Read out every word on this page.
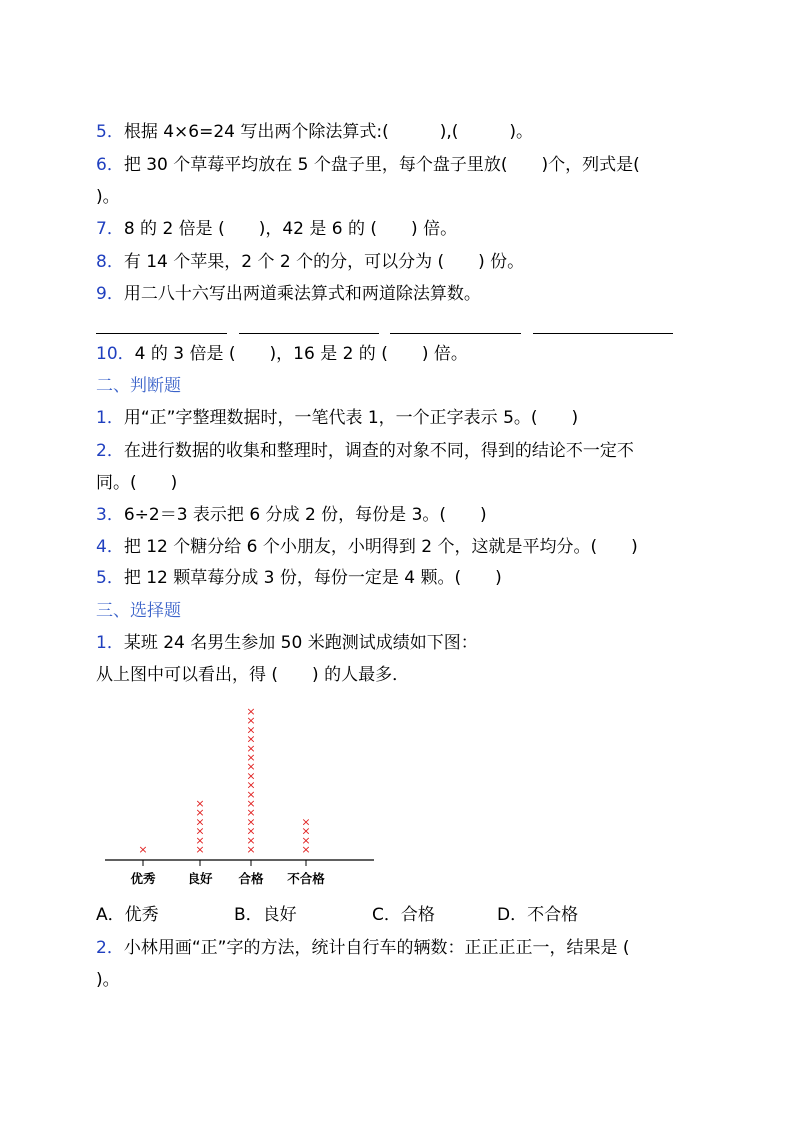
5．根据 4×6=24 写出两个除法算式:(　　　),(　　　)。
6．把 30 个草莓平均放在 5 个盘子里，每个盘子里放(　　)个，列式是(
)。
7．8 的 2 倍是 (　　)，42 是 6 的 (　　) 倍。
8．有 14 个苹果，2 个 2 个的分，可以分为 (　　) 份。
9．用二八十六写出两道乘法算式和两道除法算数。
10．4 的 3 倍是 (　　)，16 是 2 的 (　　) 倍。
二、判断题
1．用“正”字整理数据时，一笔代表 1，一个正字表示 5。(　　)
2．在进行数据的收集和整理时，调查的对象不同，得到的结论不一定不
同。(　　)
3．6÷2＝3 表示把 6 分成 2 份，每份是 3。(　　)
4．把 12 个糖分给 6 个小朋友，小明得到 2 个，这就是平均分。(　　)
5．把 12 颗草莓分成 3 份，每份一定是 4 颗。(　　)
三、选择题
1．某班 24 名男生参加 50 米跑测试成绩如下图：
从上图中可以看出，得 (　　) 的人最多．
×	×
×
×
×
×
×
×
×
×
×
×
×
×
×
×
×
×
×
×
×
×
×
×
×
×
×
优秀	良好 合格 不合格
A．优秀	B．良好	C．合格	D．不合格
2．小林用画“正”字的方法，统计自行车的辆数：正正正正一，结果是 (
)。
